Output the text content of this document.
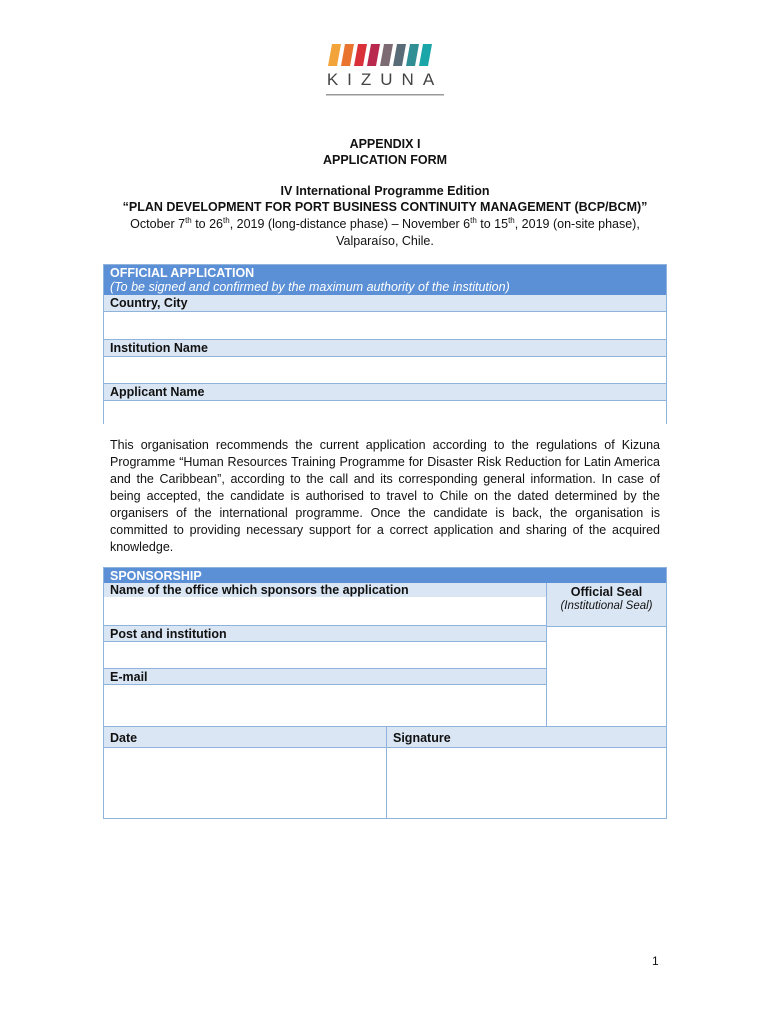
KIZUNA
APPENDIX I
APPLICATION FORM
IV International Programme Edition
“PLAN DEVELOPMENT FOR PORT BUSINESS CONTINUITY MANAGEMENT (BCP/BCM)”
October 7th to 26th, 2019 (long-distance phase) – November 6th to 15th, 2019 (on-site phase),
Valparaíso, Chile.
OFFICIAL APPLICATION
(To be signed and confirmed by the maximum authority of the institution)
Country, City
Institution Name
Applicant Name
This organisation recommends the current application according to the regulations of Kizuna Programme “Human Resources Training Programme for Disaster Risk Reduction for Latin America and the Caribbean”, according to the call and its corresponding general information. In case of being accepted, the candidate is authorised to travel to Chile on the dated determined by the organisers of the international programme. Once the candidate is back, the organisation is committed to providing necessary support for a correct application and sharing of the acquired knowledge.
SPONSORSHIP
Name of the office which sponsors the application
Post and institution
E-mail
Official Seal
(Institutional Seal)
Date	Signature
1
